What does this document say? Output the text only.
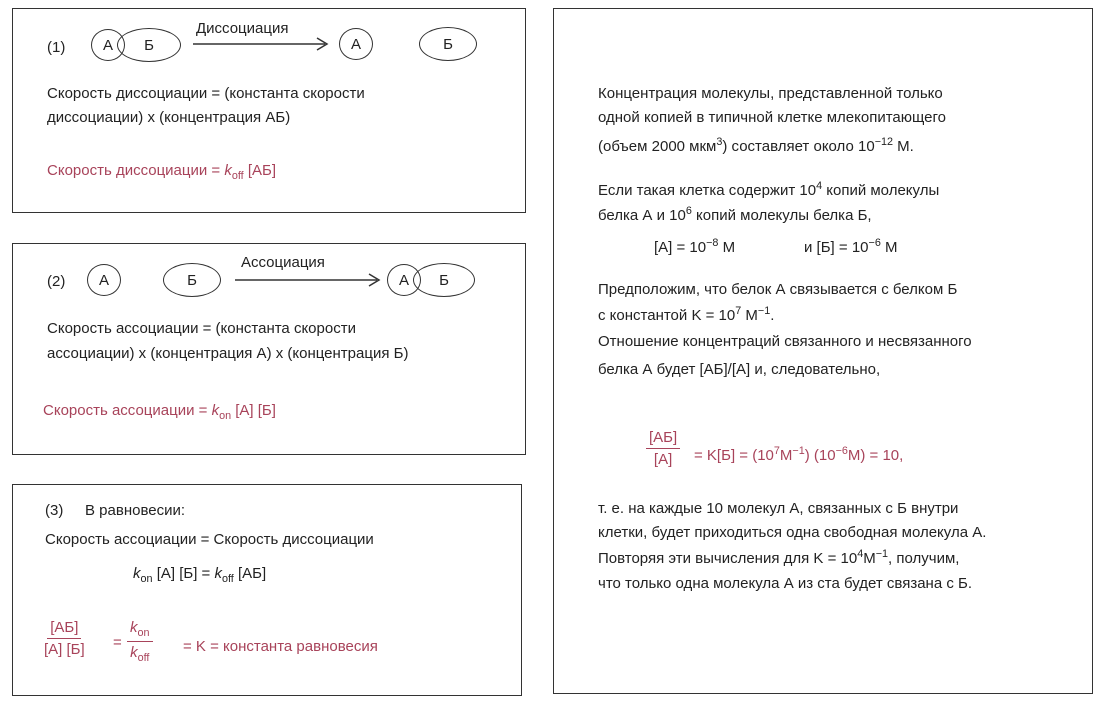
(1)	А Б
Диссоциация
А	Б
Скорость диссоциации = (константа скорости
диссоциации) x (концентрация АБ)
Скорость диссоциации = $k_{off}$ [АБ]
(2) А	Б
Ассоциация
А Б
Скорость ассоциации = (константа скорости
ассоциации) x (концентрация А) x (концентрация Б)
Скорость ассоциации = $k_{on}$ [А] [Б]
(3) В равновесии:
Скорость ассоциации = Скорость диссоциации
$k_{on}$ [А] $[Б] = k_{off}$ [АБ]
[АБ]
[А] [Б] =
$k_{on}$
$k_{off}$
= K = константа равновесия
Концентрация молекулы, представленной только
одной копией в типичной клетке млекопитающего
(объем 2000 мкм$^3$) составляет около $10^{-12}$ М.
Если такая клетка содержит $10^4$ копий молекулы
белка А и $10^6$ копий молекулы белка Б,
$[А] = 10^{-8}$ М	и $[Б] = 10^{-6}$ М
Предположим, что белок А связывается с белком Б
с константой $K = 10^7$ $М^{-1}$.
Отношение концентраций связанного и несвязанного
белка А будет [АБ]/[А] и, следовательно,
[АБ]
$[А] = K[Б] = (10^7М^{-1}) (10^{-6}М) = 10$,
т. е. на каждые 10 молекул А, связанных с Б внутри
клетки, будет приходиться одна свободная молекула А.
Повторяя эти вычисления для $K = 10^4М^{-1}$, получим,
что только одна молекула А из ста будет связана с Б.
